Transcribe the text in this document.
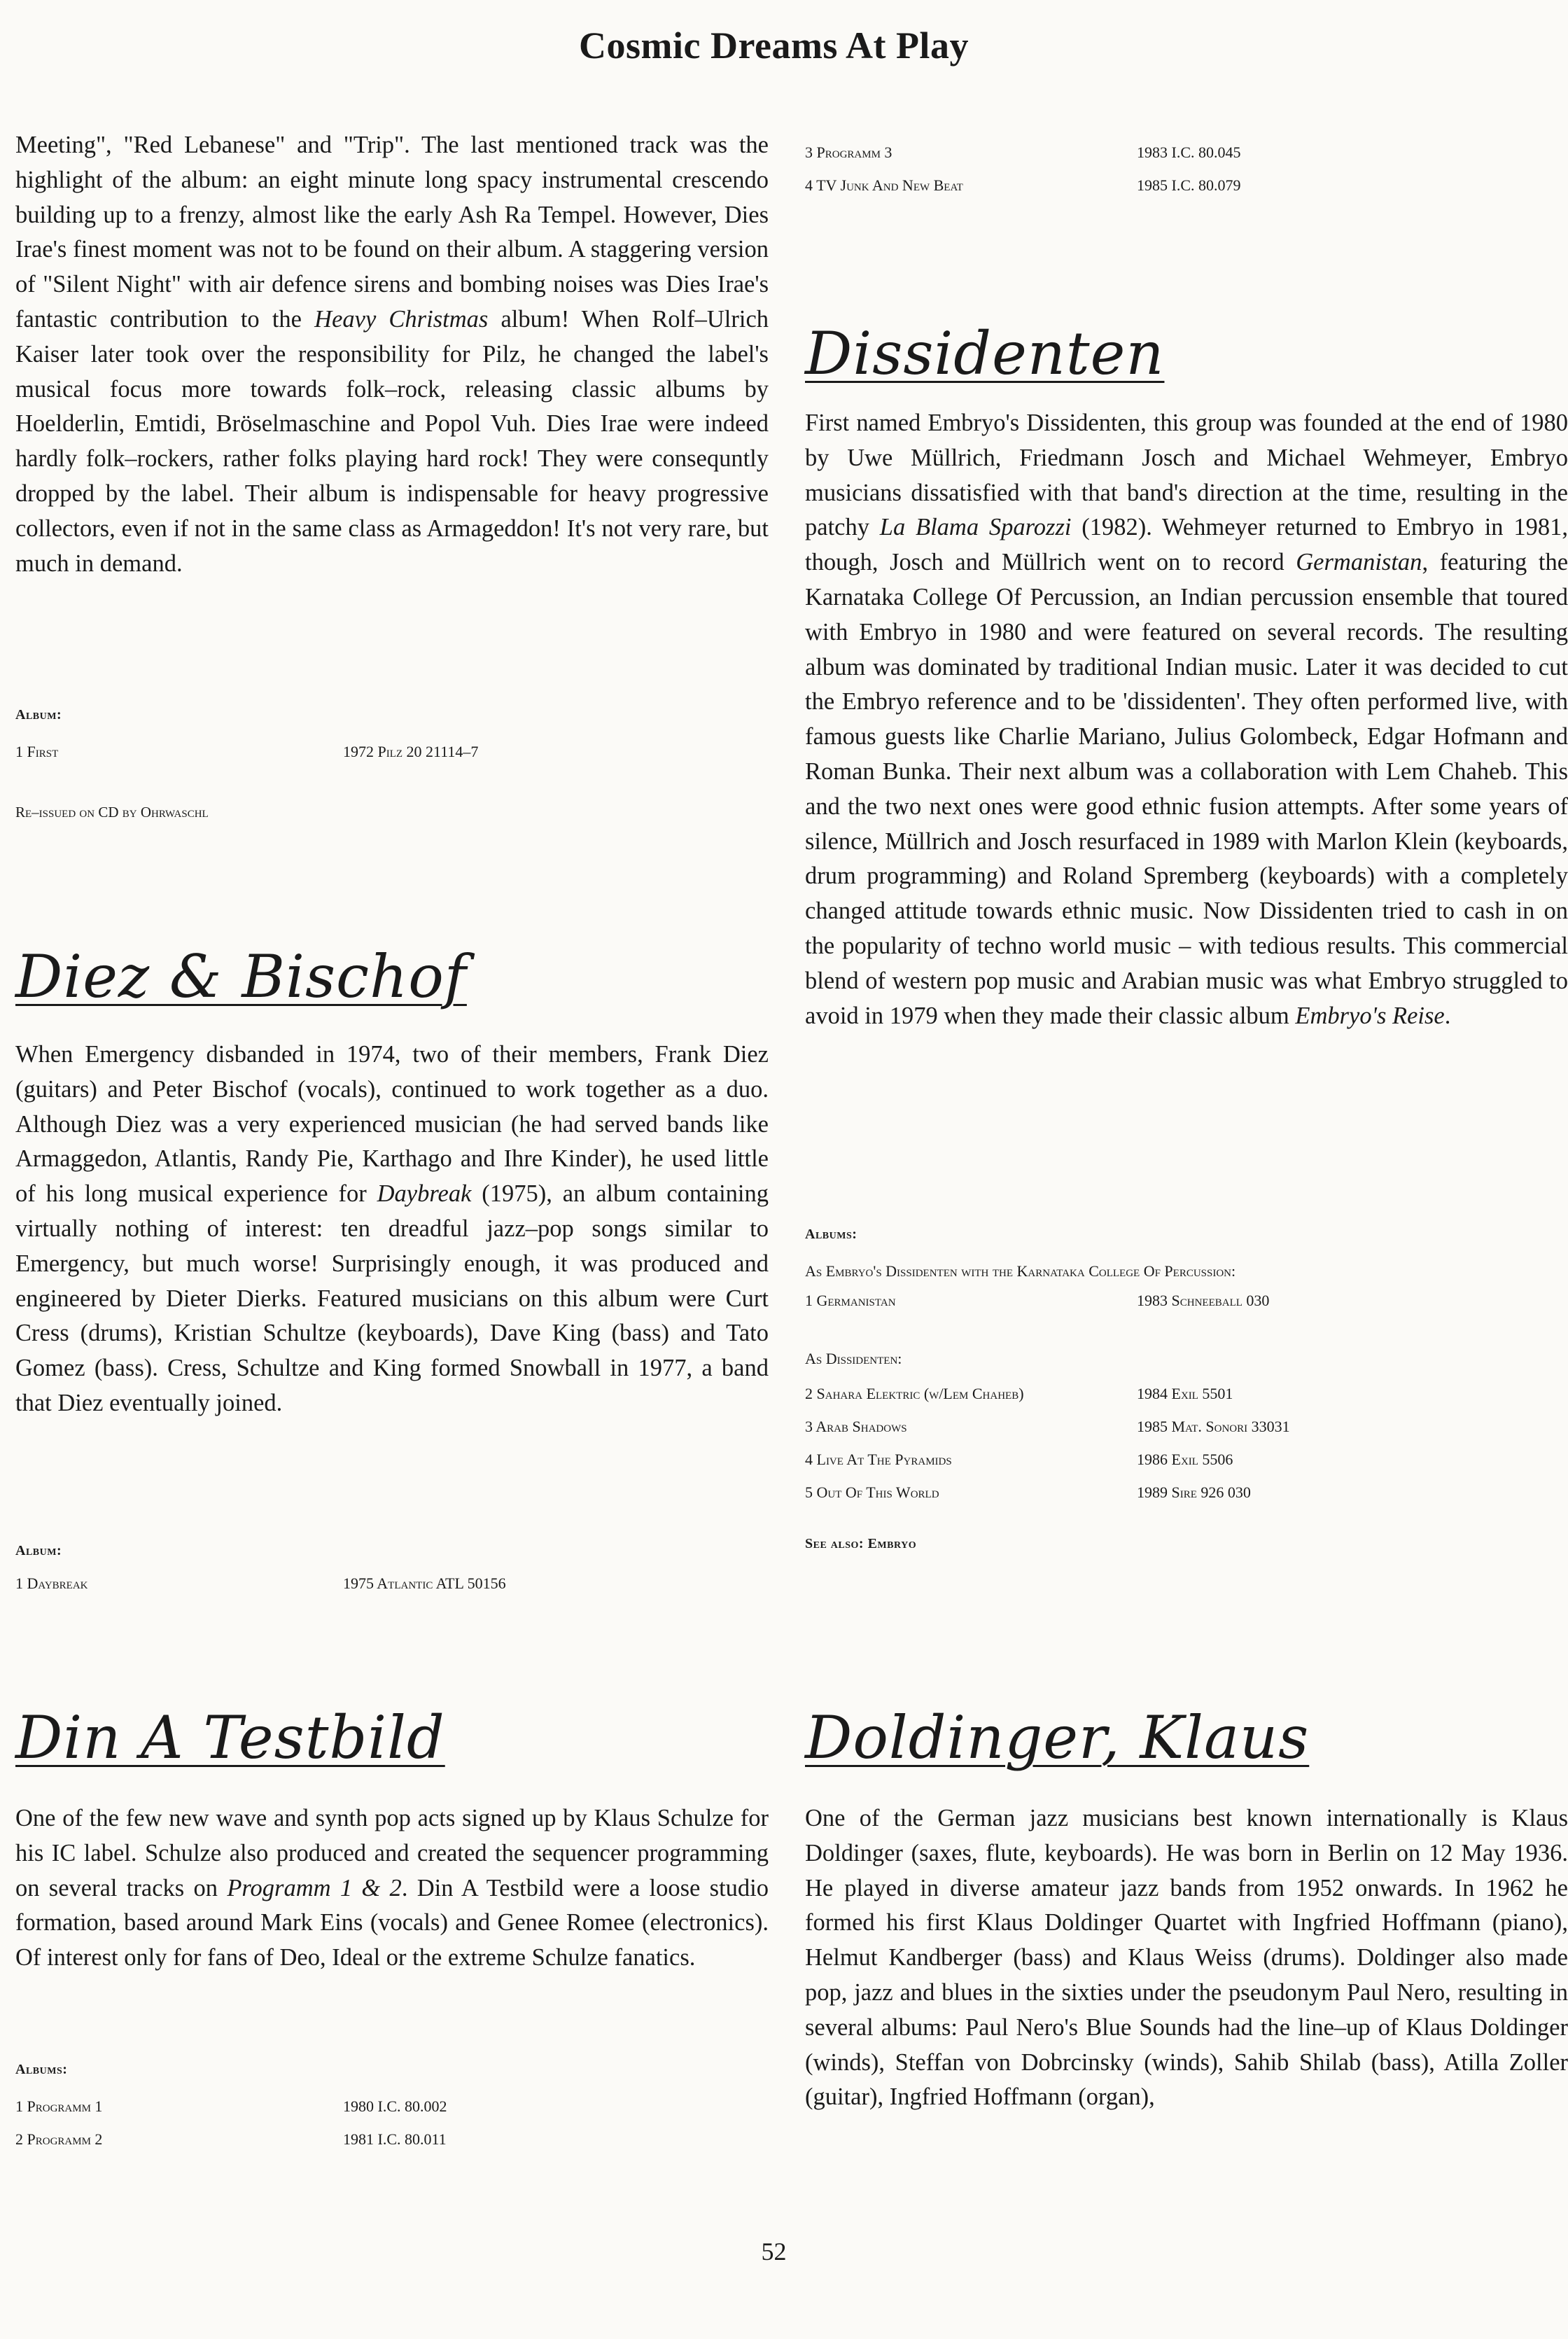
Cosmic Dreams At Play

Meeting", "Red Lebanese" and "Trip". The last mentioned track was the highlight of the album: an eight minute long spacy instrumental crescendo building up to a frenzy, almost like the early Ash Ra Tempel. However, Dies Irae's finest moment was not to be found on their album. A staggering version of "Silent Night" with air defence sirens and bombing noises was Dies Irae's fantastic contribution to the Heavy Christmas album! When Rolf–Ulrich Kaiser later took over the responsibility for Pilz, he changed the label's musical focus more towards folk–rock, releasing classic albums by Hoelderlin, Emtidi, Bröselmaschine and Popol Vuh. Dies Irae were indeed hardly folk–rockers, rather folks playing hard rock! They were consequntly dropped by the label. Their album is indispensable for heavy progressive collectors, even if not in the same class as Armageddon! It's not very rare, but much in demand.

Album:

1 First	1972 Pilz 20 21114–7

Re–issued on CD by Ohrwaschl

Diez & Bischof

When Emergency disbanded in 1974, two of their members, Frank Diez (guitars) and Peter Bischof (vocals), continued to work together as a duo. Although Diez was a very experienced musician (he had served bands like Armaggedon, Atlantis, Randy Pie, Karthago and Ihre Kinder), he used little of his long musical experience for Daybreak (1975), an album containing virtually nothing of interest: ten dreadful jazz–pop songs similar to Emergency, but much worse! Surprisingly enough, it was produced and engineered by Dieter Dierks. Featured musicians on this album were Curt Cress (drums), Kristian Schultze (keyboards), Dave King (bass) and Tato Gomez (bass). Cress, Schultze and King formed Snowball in 1977, a band that Diez eventually joined.

Album:

1 Daybreak	1975 Atlantic ATL 50156
Din A Testbild

One of the few new wave and synth pop acts signed up by Klaus Schulze for his IC label. Schulze also produced and created the sequencer programming on several tracks on Programm 1 & 2. Din A Testbild were a loose studio formation, based around Mark Eins (vocals) and Genee Romee (electronics). Of interest only for fans of Deo, Ideal or the extreme Schulze fanatics.

Albums:

1 Programm 1	1980 I.C. 80.002
2 Programm 2	1981 I.C. 80.011
3 Programm 3	1983 I.C. 80.045
4 TV Junk And New Beat	1985 I.C. 80.079
Dissidenten

First named Embryo's Dissidenten, this group was founded at the end of 1980 by Uwe Müllrich, Friedmann Josch and Michael Wehmeyer, Embryo musicians dissatisfied with that band's direction at the time, resulting in the patchy La Blama Sparozzi (1982). Wehmeyer returned to Embryo in 1981, though, Josch and Müllrich went on to record Germanistan, featuring the Karnataka College Of Percussion, an Indian percussion ensemble that toured with Embryo in 1980 and were featured on several records. The resulting album was dominated by traditional Indian music. Later it was decided to cut the Embryo reference and to be 'dissidenten'. They often performed live, with famous guests like Charlie Mariano, Julius Golombeck, Edgar Hofmann and Roman Bunka. Their next album was a collaboration with Lem Chaheb. This and the two next ones were good ethnic fusion attempts. After some years of silence, Müllrich and Josch resurfaced in 1989 with Marlon Klein (keyboards, drum programming) and Roland Spremberg (keyboards) with a completely changed attitude towards ethnic music. Now Dissidenten tried to cash in on the popularity of techno world music – with tedious results. This commercial blend of western pop music and Arabian music was what Embryo struggled to avoid in 1979 when they made their classic album Embryo's Reise.

Albums:

As Embryo's Dissidenten with the Karnataka College Of Percussion:
1 Germanistan	1983 Schneeball 030
As Dissidenten:
2 Sahara Elektric (w/Lem Chaheb)	1984 Exil 5501
3 Arab Shadows	1985 Mat. Sonori 33031
4 Live At The Pyramids	1986 Exil 5506
5 Out Of This World	1989 Sire 926 030

See also: Embryo

Doldinger, Klaus

One of the German jazz musicians best known internationally is Klaus Doldinger (saxes, flute, keyboards). He was born in Berlin on 12 May 1936. He played in diverse amateur jazz bands from 1952 onwards. In 1962 he formed his first Klaus Doldinger Quartet with Ingfried Hoffmann (piano), Helmut Kandberger (bass) and Klaus Weiss (drums). Doldinger also made pop, jazz and blues in the sixties under the pseudonym Paul Nero, resulting in several albums: Paul Nero's Blue Sounds had the line–up of Klaus Doldinger (winds), Steffan von Dobrcinsky (winds), Sahib Shilab (bass), Atilla Zoller (guitar), Ingfried Hoffmann (organ),

52
